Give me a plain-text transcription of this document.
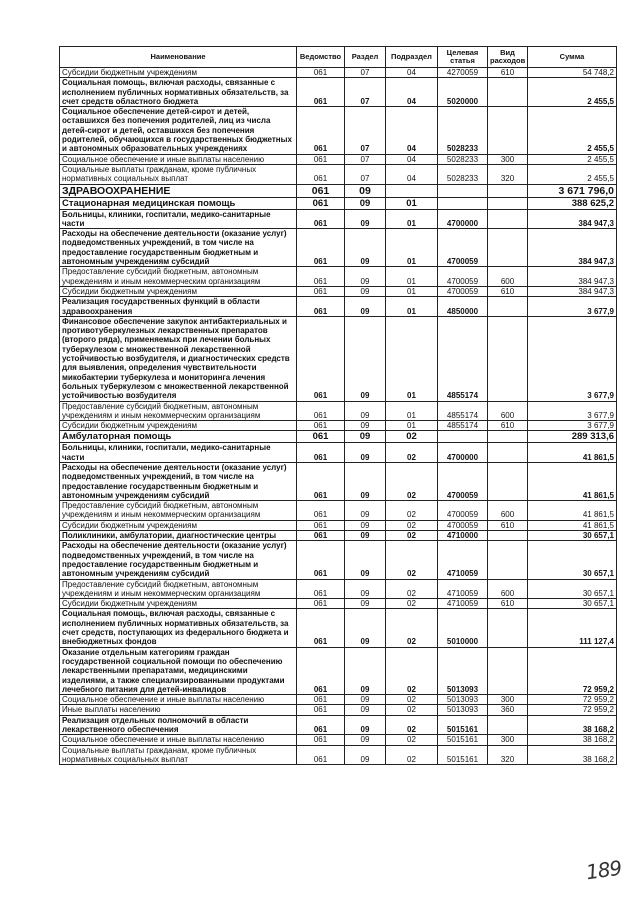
Наименование	Ведомство	Раздел	Подраздел	Целевая статья	Вид расходов	Сумма
Субсидии бюджетным учреждениям	061	07	04	4270059	610	54 748,2
Социальная помощь, включая расходы, связанные с исполнением публичных нормативных обязательств, за счет средств областного бюджета	061	07	04	5020000		2 455,5
Социальное обеспечение детей-сирот и детей, оставшихся без попечения родителей, лиц из числа детей-сирот и детей, оставшихся без попечения родителей, обучающихся в государственных бюджетных и автономных образовательных учреждениях	061	07	04	5028233		2 455,5
Социальное обеспечение и иные выплаты населению	061	07	04	5028233	300	2 455,5
Социальные выплаты гражданам, кроме публичных нормативных социальных выплат	061	07	04	5028233	320	2 455,5
ЗДРАВООХРАНЕНИЕ	061	09				3 671 796,0
Стационарная медицинская помощь	061	09	01			388 625,2
Больницы, клиники, госпитали, медико-санитарные части	061	09	01	4700000		384 947,3
Расходы на обеспечение деятельности (оказание услуг) подведомственных учреждений, в том числе на предоставление государственным бюджетным и автономным учреждениям субсидий	061	09	01	4700059		384 947,3
Предоставление субсидий бюджетным, автономным учреждениям и иным некоммерческим организациям	061	09	01	4700059	600	384 947,3
Субсидии бюджетным учреждениям	061	09	01	4700059	610	384 947,3
Реализация государственных функций в области здравоохранения	061	09	01	4850000		3 677,9
Финансовое обеспечение закупок антибактериальных и противотуберкулезных лекарственных препаратов (второго ряда), применяемых при лечении больных туберкулезом с множественной лекарственной устойчивостью возбудителя, и диагностических средств для выявления, определения чувствительности микобактерии туберкулеза и мониторинга лечения больных туберкулезом с множественной лекарственной устойчивостью возбудителя	061	09	01	4855174		3 677,9
Предоставление субсидий бюджетным, автономным учреждениям и иным некоммерческим организациям	061	09	01	4855174	600	3 677,9
Субсидии бюджетным учреждениям	061	09	01	4855174	610	3 677,9
Амбулаторная помощь	061	09	02			289 313,6
Больницы, клиники, госпитали, медико-санитарные части	061	09	02	4700000		41 861,5
Расходы на обеспечение деятельности (оказание услуг) подведомственных учреждений, в том числе на предоставление государственным бюджетным и автономным учреждениям субсидий	061	09	02	4700059		41 861,5
Предоставление субсидий бюджетным, автономным учреждениям и иным некоммерческим организациям	061	09	02	4700059	600	41 861,5
Субсидии бюджетным учреждениям	061	09	02	4700059	610	41 861,5
Поликлиники, амбулатории, диагностические центры	061	09	02	4710000		30 657,1
Расходы на обеспечение деятельности (оказание услуг) подведомственных учреждений, в том числе на предоставление государственным бюджетным и автономным учреждениям субсидий	061	09	02	4710059		30 657,1
Предоставление субсидий бюджетным, автономным учреждениям и иным некоммерческим организациям	061	09	02	4710059	600	30 657,1
Субсидии бюджетным учреждениям	061	09	02	4710059	610	30 657,1
Социальная помощь, включая расходы, связанные с исполнением публичных нормативных обязательств, за счет средств, поступающих из федерального бюджета и внебюджетных фондов	061	09	02	5010000		111 127,4
Оказание отдельным категориям граждан государственной социальной помощи по обеспечению лекарственными препаратами, медицинскими изделиями, а также специализированными продуктами лечебного питания для детей-инвалидов	061	09	02	5013093		72 959,2
Социальное обеспечение и иные выплаты населению	061	09	02	5013093	300	72 959,2
Иные выплаты населению	061	09	02	5013093	360	72 959,2
Реализация отдельных полномочий в области лекарственного обеспечения	061	09	02	5015161		38 168,2
Социальное обеспечение и иные выплаты населению	061	09	02	5015161	300	38 168,2
Социальные выплаты гражданам, кроме публичных нормативных социальных выплат	061	09	02	5015161	320	38 168,2
189
